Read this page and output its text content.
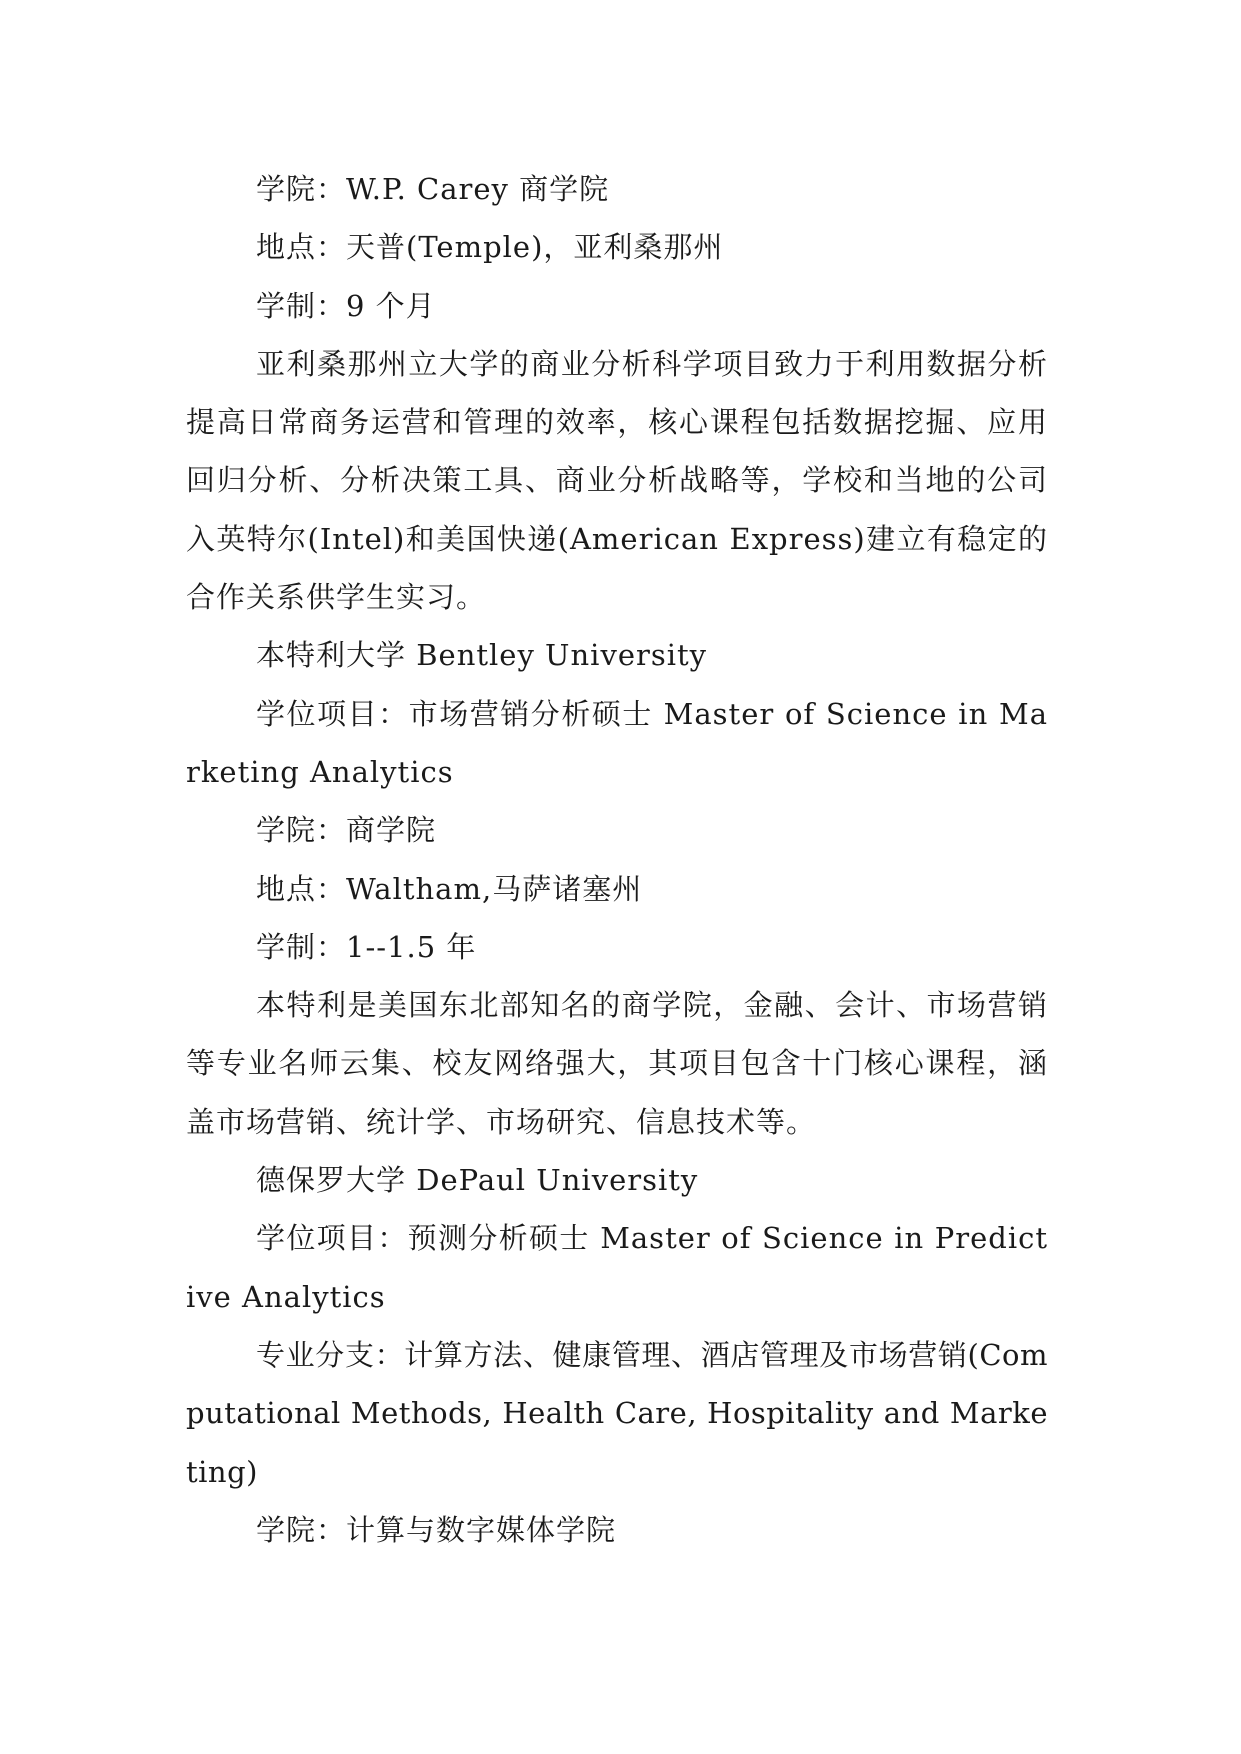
学院：W.P. Carey 商学院

地点：天普(Temple)，亚利桑那州

学制：9 个月

亚利桑那州立大学的商业分析科学项目致力于利用数据分析提高日常商务运营和管理的效率，核心课程包括数据挖掘、应用回归分析、分析决策工具、商业分析战略等，学校和当地的公司入英特尔(Intel)和美国快递(American Express)建立有稳定的合作关系供学生实习。

本特利大学 Bentley University

学位项目：市场营销分析硕士 Master of Science in Marketing Analytics

学院：商学院

地点：Waltham,马萨诸塞州

学制：1--1.5 年

本特利是美国东北部知名的商学院，金融、会计、市场营销等专业名师云集、校友网络强大，其项目包含十门核心课程，涵盖市场营销、统计学、市场研究、信息技术等。

德保罗大学 DePaul University

学位项目：预测分析硕士 Master of Science in Predictive Analytics

专业分支：计算方法、健康管理、酒店管理及市场营销(Computational Methods, Health Care, Hospitality and Marketing)

学院：计算与数字媒体学院
